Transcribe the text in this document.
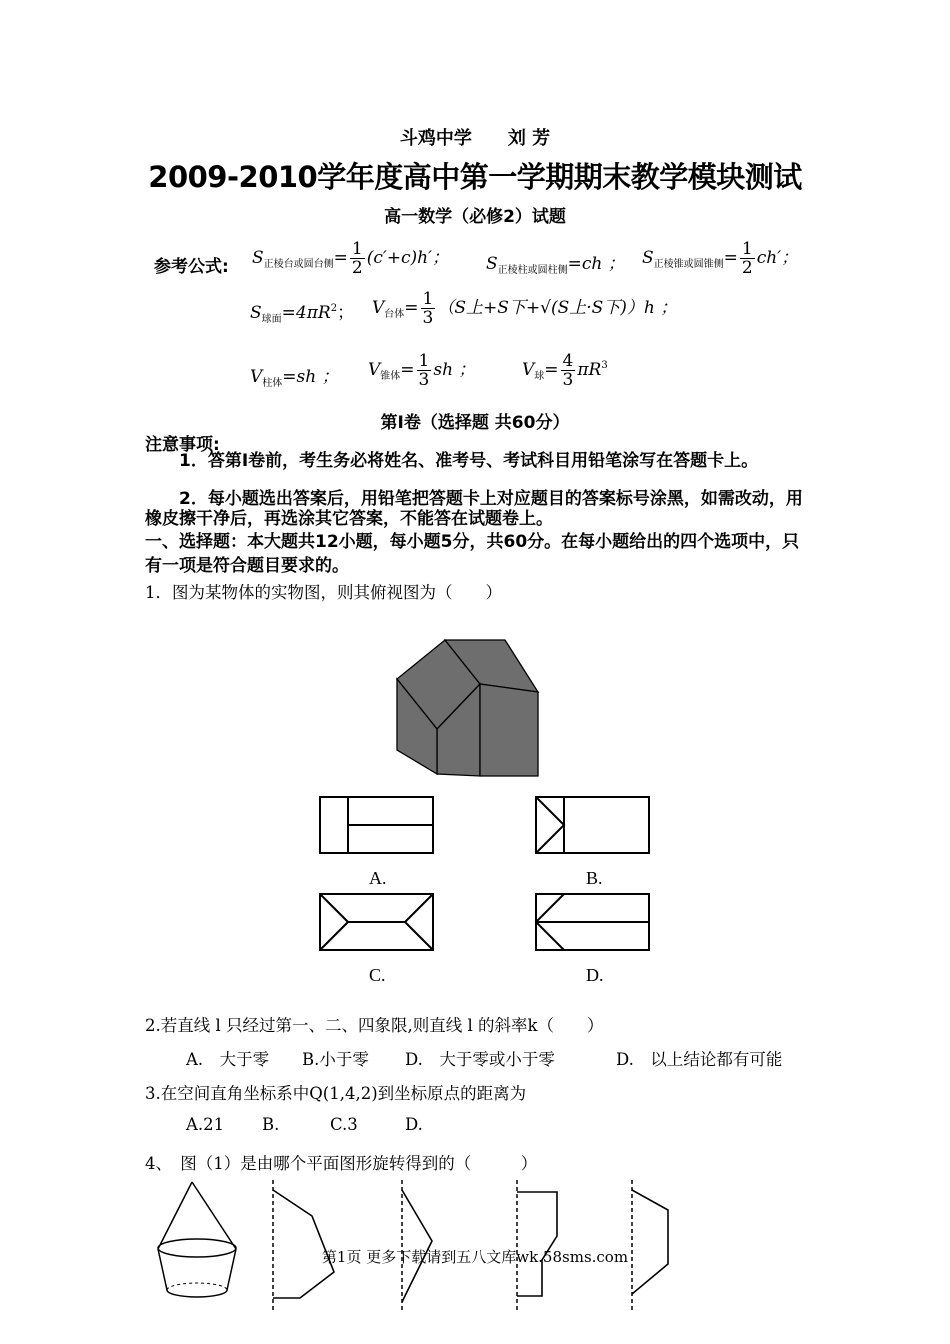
斗鸡中学　　刘 芳
2009-2010学年度高中第一学期期末教学模块测试
高一数学（必修2）试题
参考公式: $S_{正棱台或圆台侧}= \frac{1}{2} (c'+c)h'$； $S_{正棱柱或圆柱侧}=ch$ ； $S_{正棱锥或圆锥侧}= \frac{1}{2} ch'$；
$S_{球面}=4\pi R^2$； $V_{台体}= \frac{1}{3} (S$上+S下+√(S上·S下)）h ；
$V_{柱体}=sh$ ； $V_{锥体}= \frac{1}{3}$ sh ；	$V_球= \frac{4}{3} \pi R^3$
第Ⅰ卷（选择题 共60分）
注意事项:
　　1．答第Ⅰ卷前，考生务必将姓名、准考号、考试科目用铅笔涂写在答题卡上。
　　2．每小题选出答案后，用铅笔把答题卡上对应题目的答案标号涂黑，如需改动，用橡皮擦干净后，再选涂其它答案，不能答在试题卷上。
一、选择题：本大题共12小题，每小题5分，共60分。在每小题给出的四个选项中，只有一项是符合题目要求的。
1．图为某物体的实物图，则其俯视图为（　　）
A.	B.
C.	D.
2.若直线 l 只经过第一、二、四象限,则直线 l 的斜率k（　　）
A.　大于零 B.小于零 D.　大于零或小于零	D.　以上结论都有可能
3.在空间直角坐标系中Q(1,4,2)到坐标原点的距离为
A.21 B.	C.3	D.
4、　图（1）是由哪个平面图形旋转得到的（　　　）
第1页 更多下载请到五八文库wk.58sms.com
